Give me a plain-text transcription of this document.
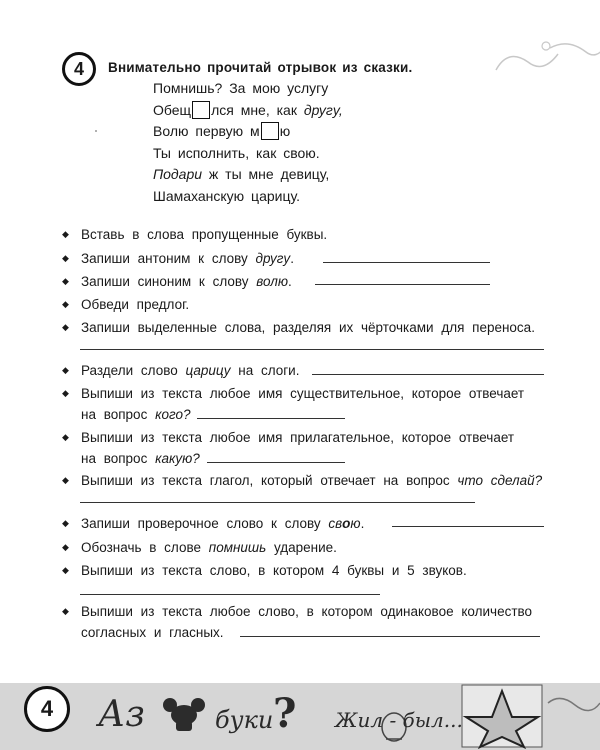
4 Внимательно прочитай отрывок из сказки.
Помнишь? За мою услугу
Обещ лся мне, как другу,
Волю первую м ю
Ты исполнить, как свою.
Подари ж ты мне девицу,
Шамаханскую царицу.
◆ Вставь в слова пропущенные буквы.
◆ Запиши антоним к слову другу.
◆ Запиши синоним к слову волю.
◆ Обведи предлог.
◆ Запиши выделенные слова, разделяя их чёрточками для переноса.
◆ Раздели слово царицу на слоги.
◆ Выпиши из текста любое имя существительное, которое отвечает
на вопрос кого?
◆ Выпиши из текста любое имя прилагательное, которое отвечает
на вопрос какую?
◆ Выпиши из текста глагол, который отвечает на вопрос что сделай?
◆ Запиши проверочное слово к слову свою.
◆ Обозначь в слове помнишь ударение.
◆ Выпиши из текста слово, в котором 4 буквы и 5 звуков.
◆ Выпиши из текста любое слово, в котором одинаковое количество
согласных и гласных.
Аз	буки ? Жил - был...
4
